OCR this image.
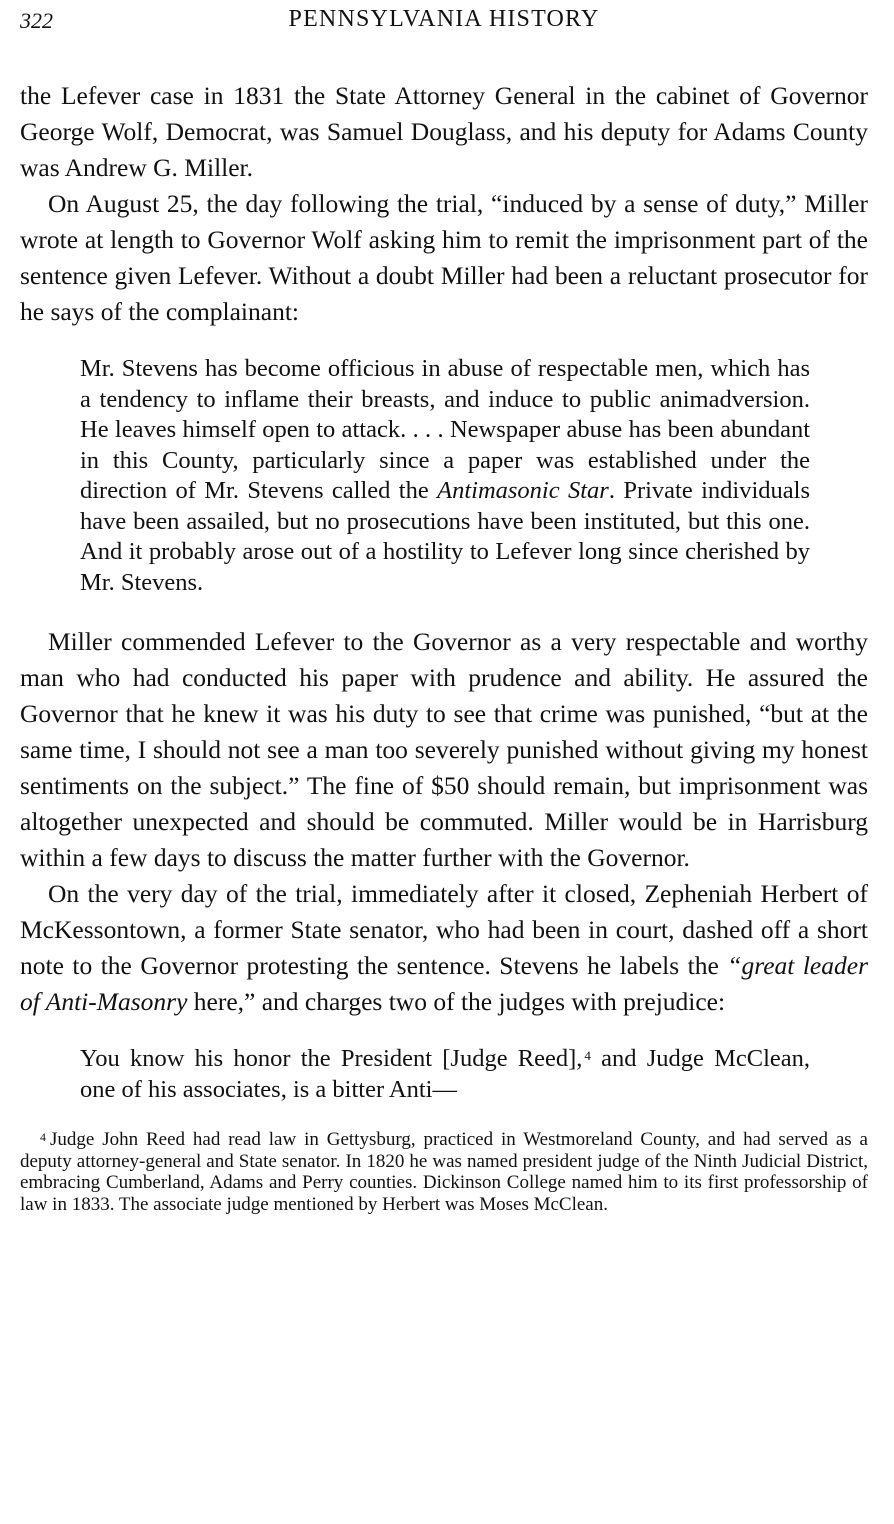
322	PENNSYLVANIA HISTORY

the Lefever case in 1831 the State Attorney General in the cabinet of Governor George Wolf, Democrat, was Samuel Douglass, and his deputy for Adams County was Andrew G. Miller.

On August 25, the day following the trial, “induced by a sense of duty,” Miller wrote at length to Governor Wolf asking him to remit the imprisonment part of the sentence given Lefever. Without a doubt Miller had been a reluctant prosecutor for he says of the complainant:

Mr. Stevens has become officious in abuse of respectable men, which has a tendency to inflame their breasts, and induce to public animadversion. He leaves himself open to attack. . . . Newspaper abuse has been abundant in this County, particularly since a paper was established under the direction of Mr. Stevens called the Antimasonic Star. Private individuals have been assailed, but no prosecutions have been instituted, but this one. And it probably arose out of a hostility to Lefever long since cherished by Mr. Stevens.

Miller commended Lefever to the Governor as a very respectable and worthy man who had conducted his paper with prudence and ability. He assured the Governor that he knew it was his duty to see that crime was punished, “but at the same time, I should not see a man too severely punished without giving my honest sentiments on the subject.” The fine of $50 should remain, but imprisonment was altogether unexpected and should be commuted. Miller would be in Harrisburg within a few days to discuss the matter further with the Governor.

On the very day of the trial, immediately after it closed, Zepheniah Herbert of McKessontown, a former State senator, who had been in court, dashed off a short note to the Governor protesting the sentence. Stevens he labels the “great leader of Anti-Masonry here,” and charges two of the judges with prejudice:

You know his honor the President [Judge Reed], $^4$ and Judge McClean, one of his associates, is a bitter Anti—
$^4$ Judge John Reed had read law in Gettysburg, practiced in Westmoreland County, and had served as a deputy attorney-general and State senator. In 1820 he was named president judge of the Ninth Judicial District, embracing Cumberland, Adams and Perry counties. Dickinson College named him to its first professorship of law in 1833. The associate judge mentioned by Herbert was Moses McClean.
